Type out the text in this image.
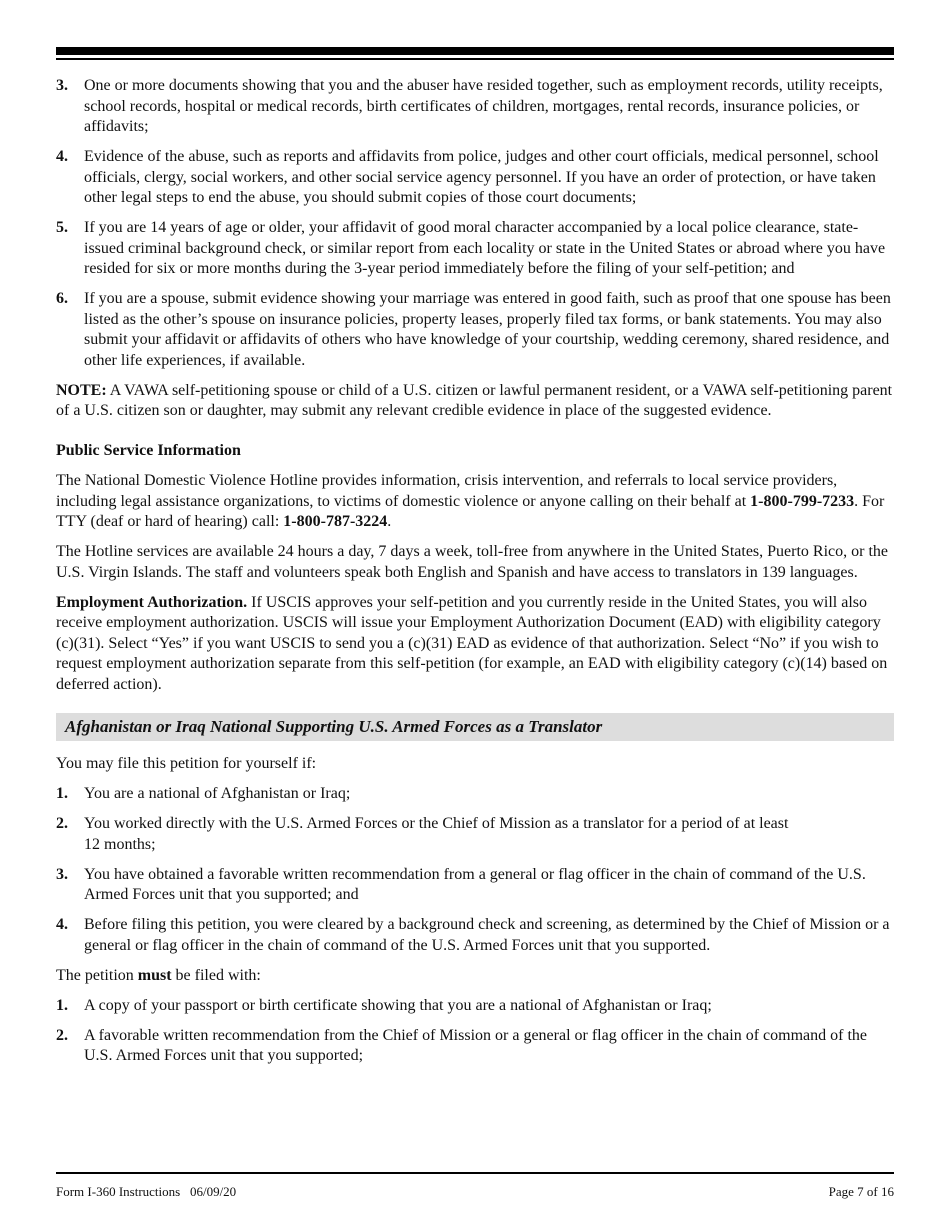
3. One or more documents showing that you and the abuser have resided together, such as employment records, utility receipts, school records, hospital or medical records, birth certificates of children, mortgages, rental records, insurance policies, or affidavits;
4. Evidence of the abuse, such as reports and affidavits from police, judges and other court officials, medical personnel, school officials, clergy, social workers, and other social service agency personnel. If you have an order of protection, or have taken other legal steps to end the abuse, you should submit copies of those court documents;
5. If you are 14 years of age or older, your affidavit of good moral character accompanied by a local police clearance, state-issued criminal background check, or similar report from each locality or state in the United States or abroad where you have resided for six or more months during the 3-year period immediately before the filing of your self-petition; and
6. If you are a spouse, submit evidence showing your marriage was entered in good faith, such as proof that one spouse has been listed as the other’s spouse on insurance policies, property leases, properly filed tax forms, or bank statements. You may also submit your affidavit or affidavits of others who have knowledge of your courtship, wedding ceremony, shared residence, and other life experiences, if available.

NOTE: A VAWA self-petitioning spouse or child of a U.S. citizen or lawful permanent resident, or a VAWA self-petitioning parent of a U.S. citizen son or daughter, may submit any relevant credible evidence in place of the suggested evidence.

Public Service Information

The National Domestic Violence Hotline provides information, crisis intervention, and referrals to local service providers, including legal assistance organizations, to victims of domestic violence or anyone calling on their behalf at 1-800-799-7233. For TTY (deaf or hard of hearing) call: 1-800-787-3224.

The Hotline services are available 24 hours a day, 7 days a week, toll-free from anywhere in the United States, Puerto Rico, or the U.S. Virgin Islands. The staff and volunteers speak both English and Spanish and have access to translators in 139 languages.

Employment Authorization. If USCIS approves your self-petition and you currently reside in the United States, you will also receive employment authorization. USCIS will issue your Employment Authorization Document (EAD) with eligibility category (c)(31). Select “Yes” if you want USCIS to send you a (c)(31) EAD as evidence of that authorization. Select “No” if you wish to request employment authorization separate from this self-petition (for example, an EAD with eligibility category (c)(14) based on deferred action).

Afghanistan or Iraq National Supporting U.S. Armed Forces as a Translator

You may file this petition for yourself if:

1. You are a national of Afghanistan or Iraq;
2. You worked directly with the U.S. Armed Forces or the Chief of Mission as a translator for a period of at least
12 months;
3. You have obtained a favorable written recommendation from a general or flag officer in the chain of command of the U.S. Armed Forces unit that you supported; and
4. Before filing this petition, you were cleared by a background check and screening, as determined by the Chief of Mission or a general or flag officer in the chain of command of the U.S. Armed Forces unit that you supported.

The petition must be filed with:

1. A copy of your passport or birth certificate showing that you are a national of Afghanistan or Iraq;
2. A favorable written recommendation from the Chief of Mission or a general or flag officer in the chain of command of the U.S. Armed Forces unit that you supported;
Form I-360 Instructions   06/09/20	Page 7 of 16
